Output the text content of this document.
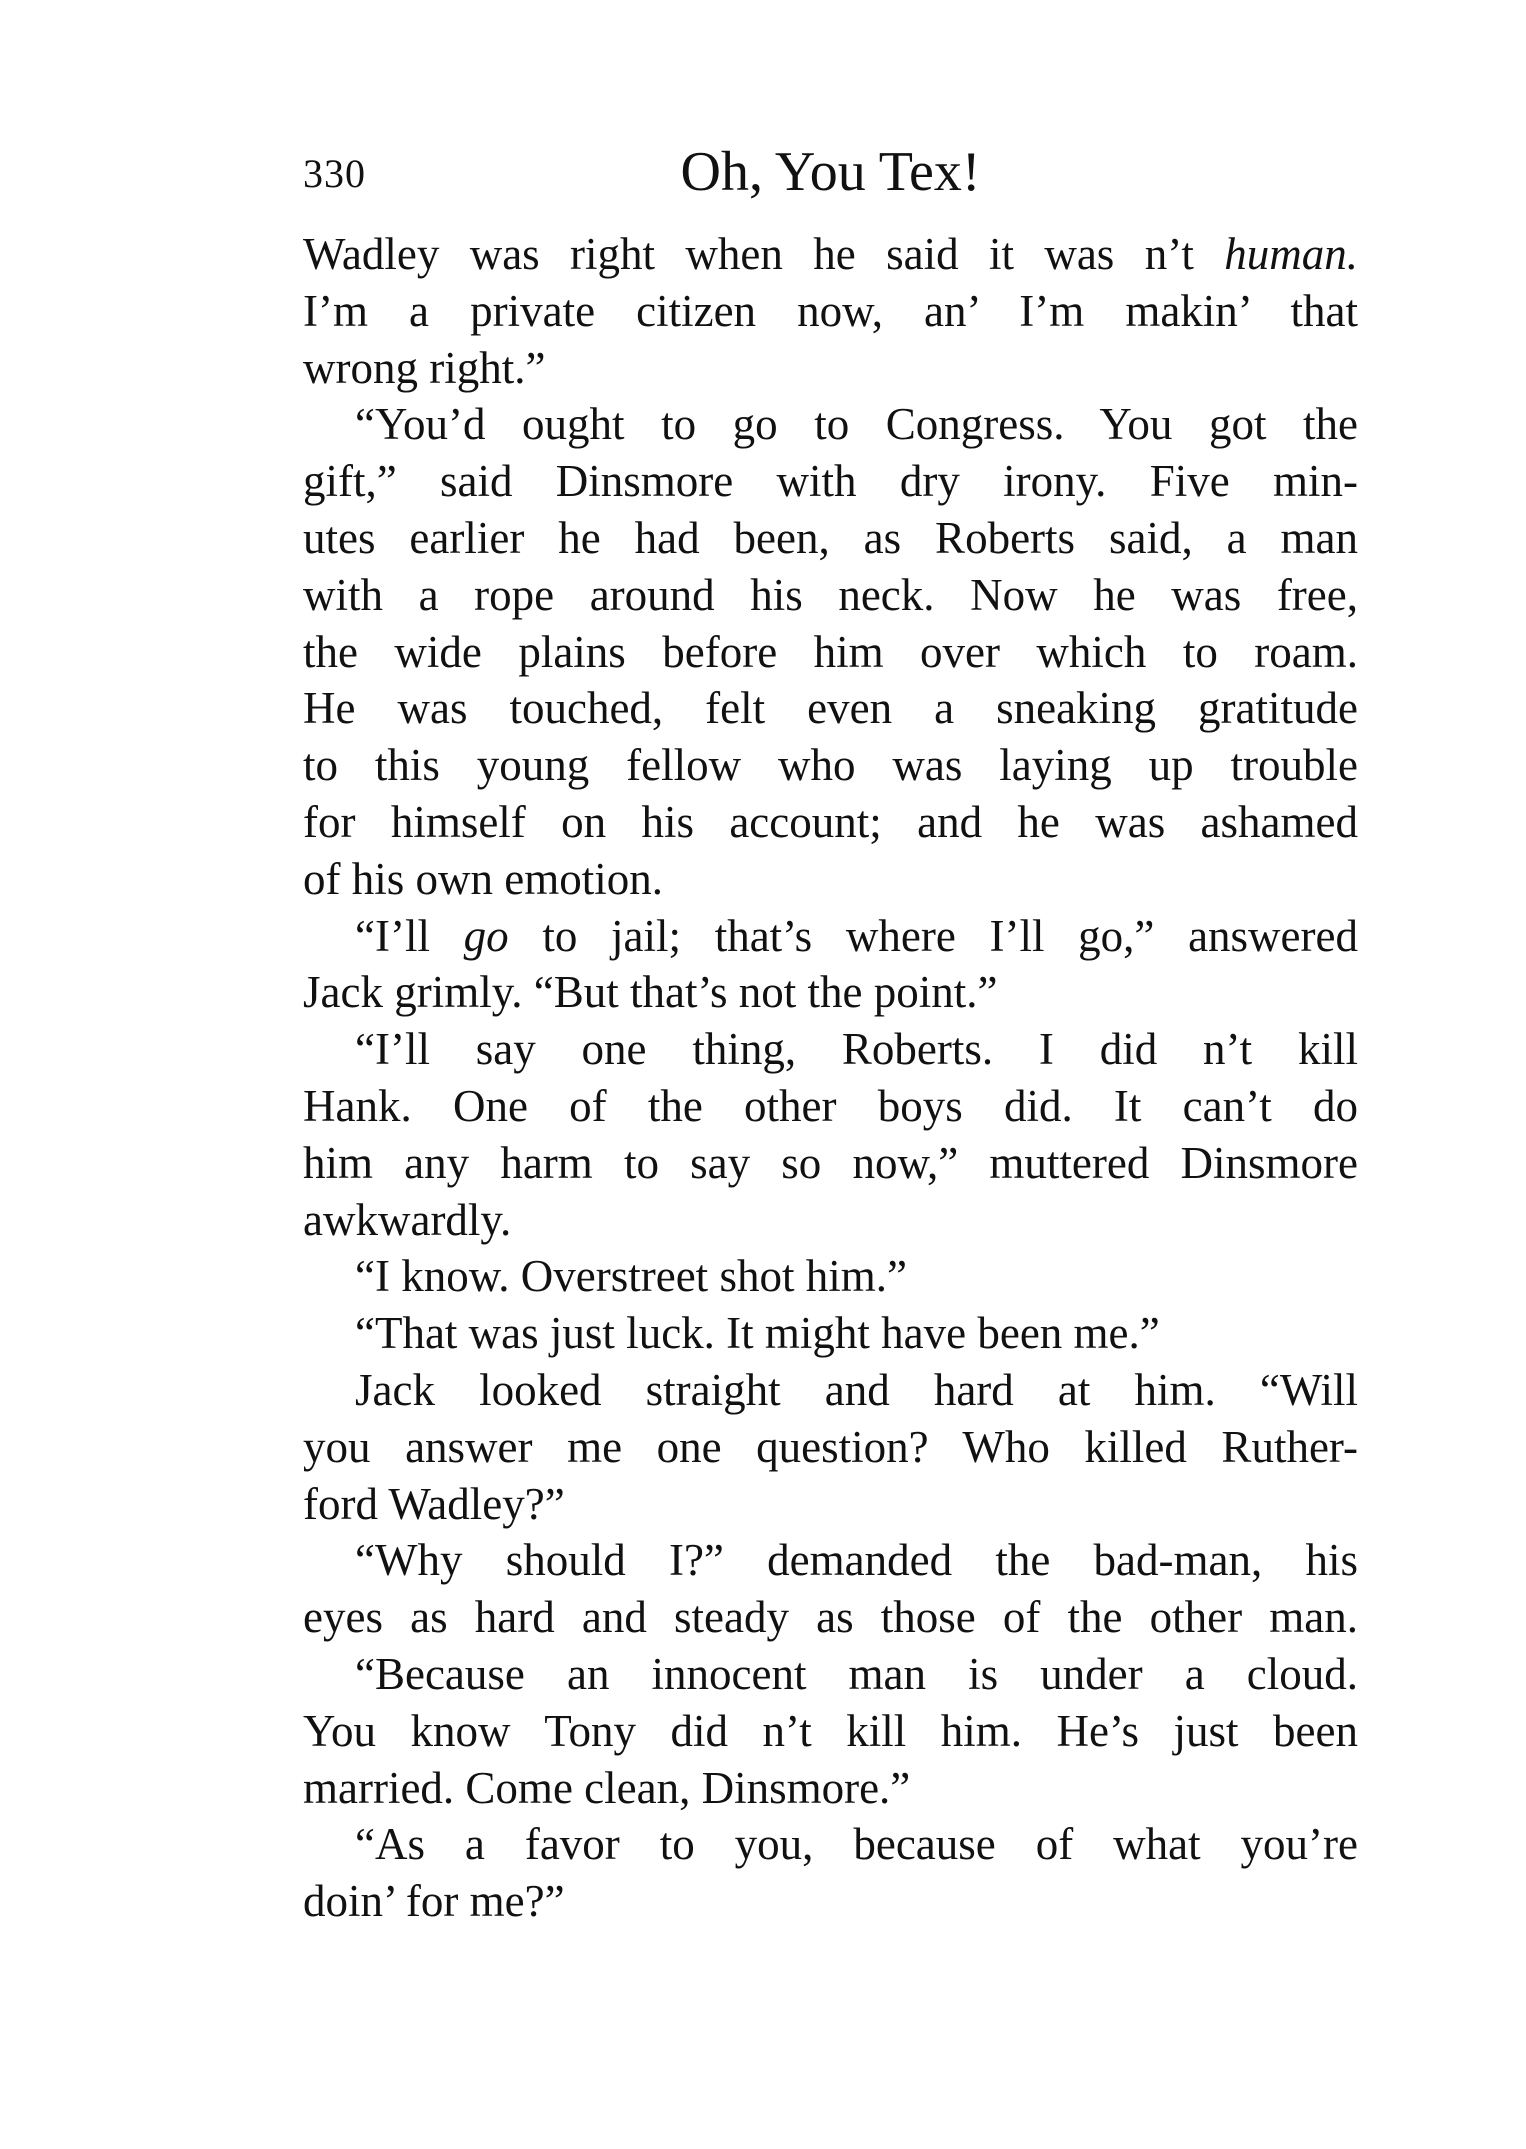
330	Oh, You Tex!
Wadley was right when he said it was n’t human.
I’m a private citizen now, an’ I’m makin’ that
wrong right.”
“You’d ought to go to Congress. You got the
gift,” said Dinsmore with dry irony. Five min-
utes earlier he had been, as Roberts said, a man
with a rope around his neck. Now he was free,
the wide plains before him over which to roam.
He was touched, felt even a sneaking gratitude
to this young fellow who was laying up trouble
for himself on his account; and he was ashamed
of his own emotion.
“I’ll go to jail; that’s where I’ll go,” answered
Jack grimly. “But that’s not the point.”
“I’ll say one thing, Roberts. I did n’t kill
Hank. One of the other boys did. It can’t do
him any harm to say so now,” muttered Dinsmore
awkwardly.
“I know. Overstreet shot him.”
“That was just luck. It might have been me.”
Jack looked straight and hard at him. “Will
you answer me one question? Who killed Ruther-
ford Wadley?”
“Why should I?” demanded the bad-man, his
eyes as hard and steady as those of the other man.
“Because an innocent man is under a cloud.
You know Tony did n’t kill him. He’s just been
married. Come clean, Dinsmore.”
“As a favor to you, because of what you’re
doin’ for me?”
